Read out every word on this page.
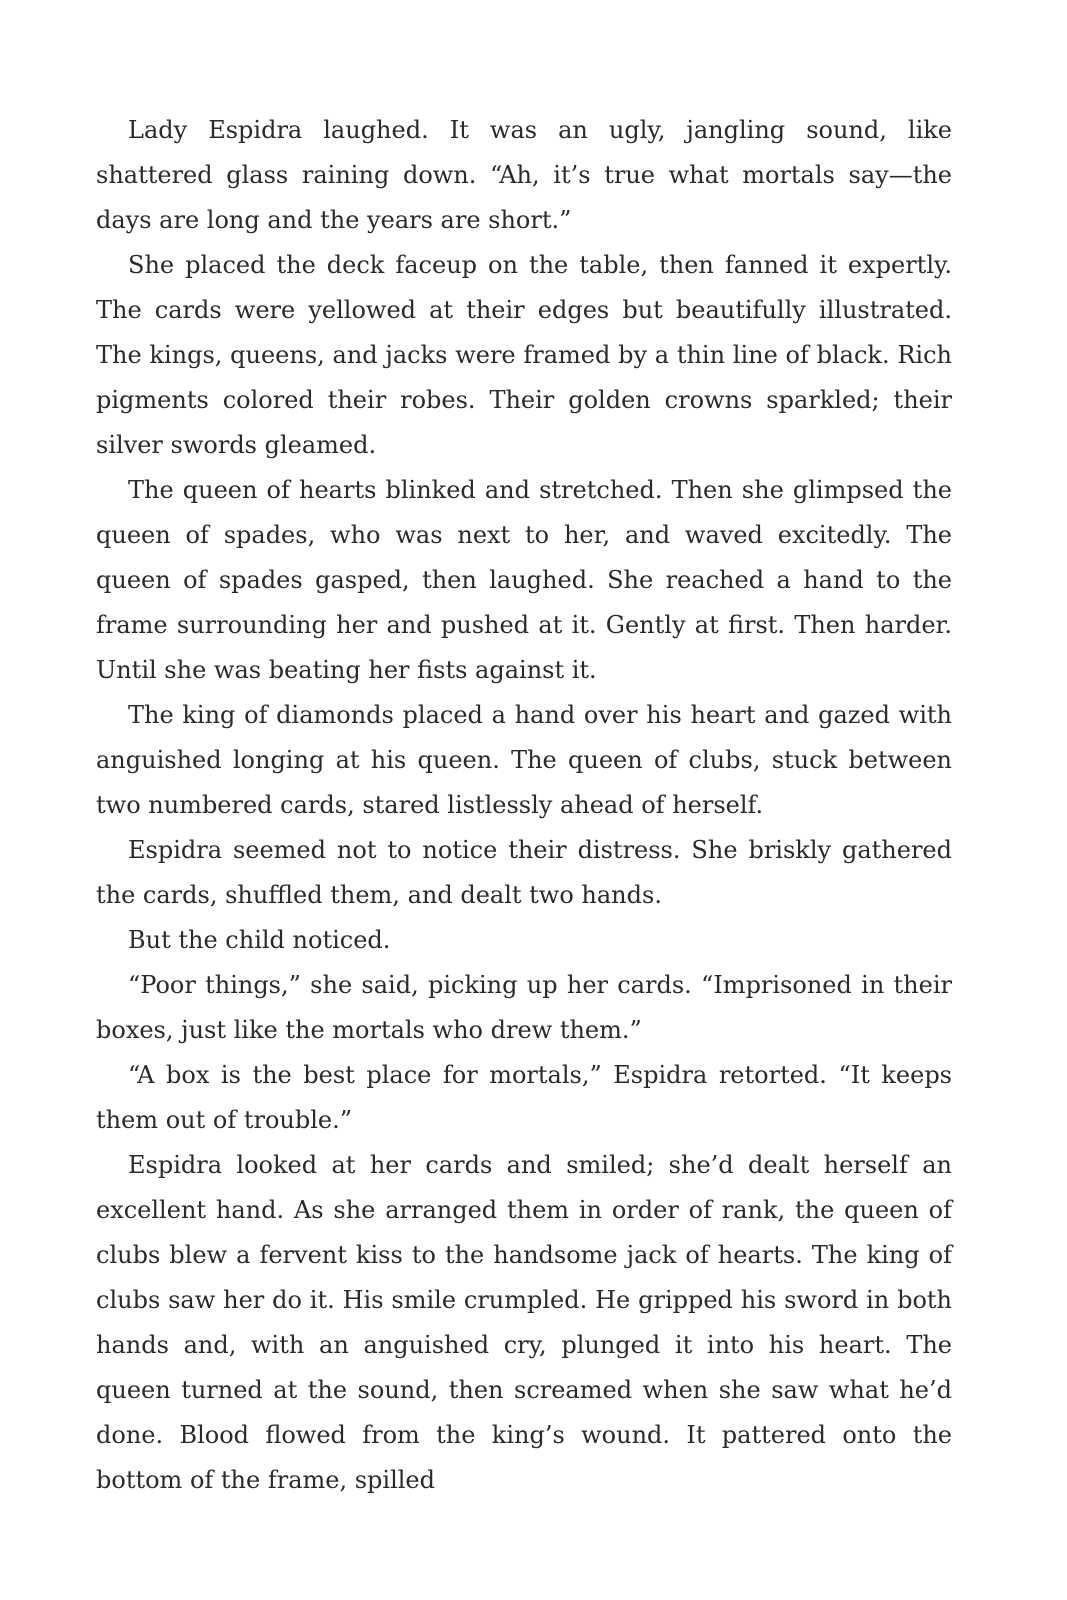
Lady Espidra laughed. It was an ugly, jangling sound, like shattered glass raining down. “Ah, it’s true what mortals say—the days are long and the years are short.”

She placed the deck faceup on the table, then fanned it expertly. The cards were yellowed at their edges but beautifully illustrated. The kings, queens, and jacks were framed by a thin line of black. Rich pigments colored their robes. Their golden crowns sparkled; their silver swords gleamed.

The queen of hearts blinked and stretched. Then she glimpsed the queen of spades, who was next to her, and waved excitedly. The queen of spades gasped, then laughed. She reached a hand to the frame surrounding her and pushed at it. Gently at first. Then harder. Until she was beating her fists against it.

The king of diamonds placed a hand over his heart and gazed with anguished longing at his queen. The queen of clubs, stuck between two numbered cards, stared listlessly ahead of herself.

Espidra seemed not to notice their distress. She briskly gathered the cards, shuffled them, and dealt two hands.

But the child noticed.

“Poor things,” she said, picking up her cards. “Imprisoned in their boxes, just like the mortals who drew them.”

“A box is the best place for mortals,” Espidra retorted. “It keeps them out of trouble.”

Espidra looked at her cards and smiled; she’d dealt herself an excellent hand. As she arranged them in order of rank, the queen of clubs blew a fervent kiss to the handsome jack of hearts. The king of clubs saw her do it. His smile crumpled. He gripped his sword in both hands and, with an anguished cry, plunged it into his heart. The queen turned at the sound, then screamed when she saw what he’d done. Blood flowed from the king’s wound. It pattered onto the bottom of the frame, spilled
